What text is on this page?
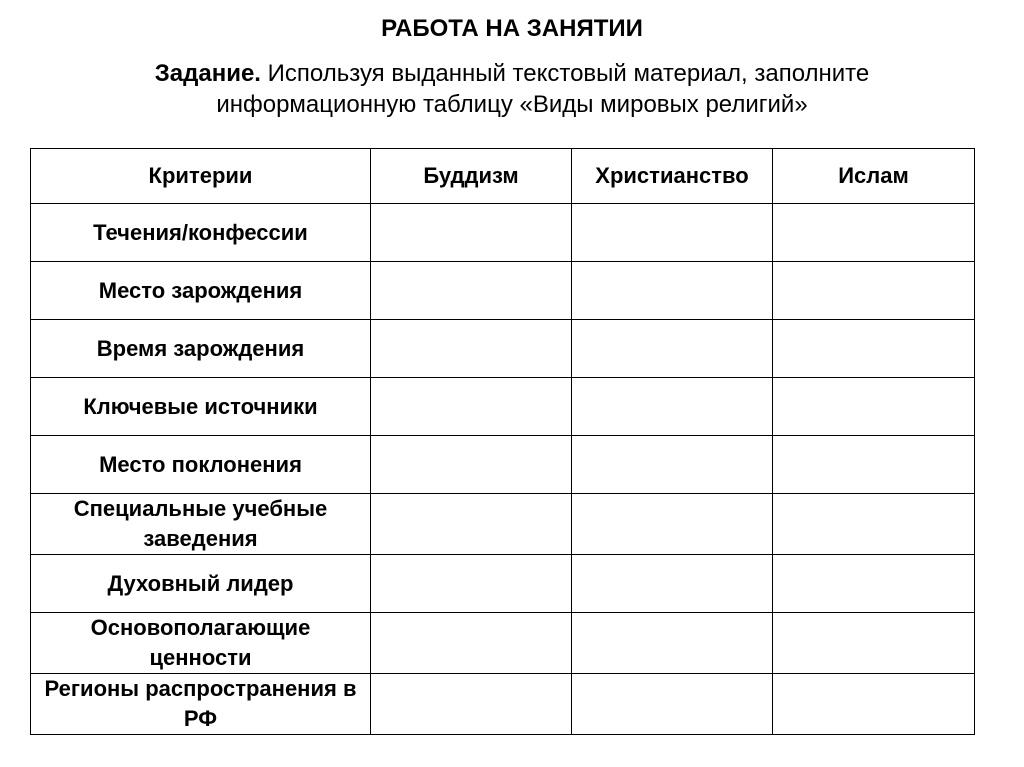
РАБОТА НА ЗАНЯТИИ
Задание. Используя выданный текстовый материал, заполните
информационную таблицу «Виды мировых религий»
Критерии	Буддизм	Христианство	Ислам
Течения/конфессии			
Место зарождения			
Время зарождения			
Ключевые источники			
Место поклонения			
Специальные учебные заведения			
Духовный лидер			
Основополагающие ценности			
Регионы распространения в РФ			
